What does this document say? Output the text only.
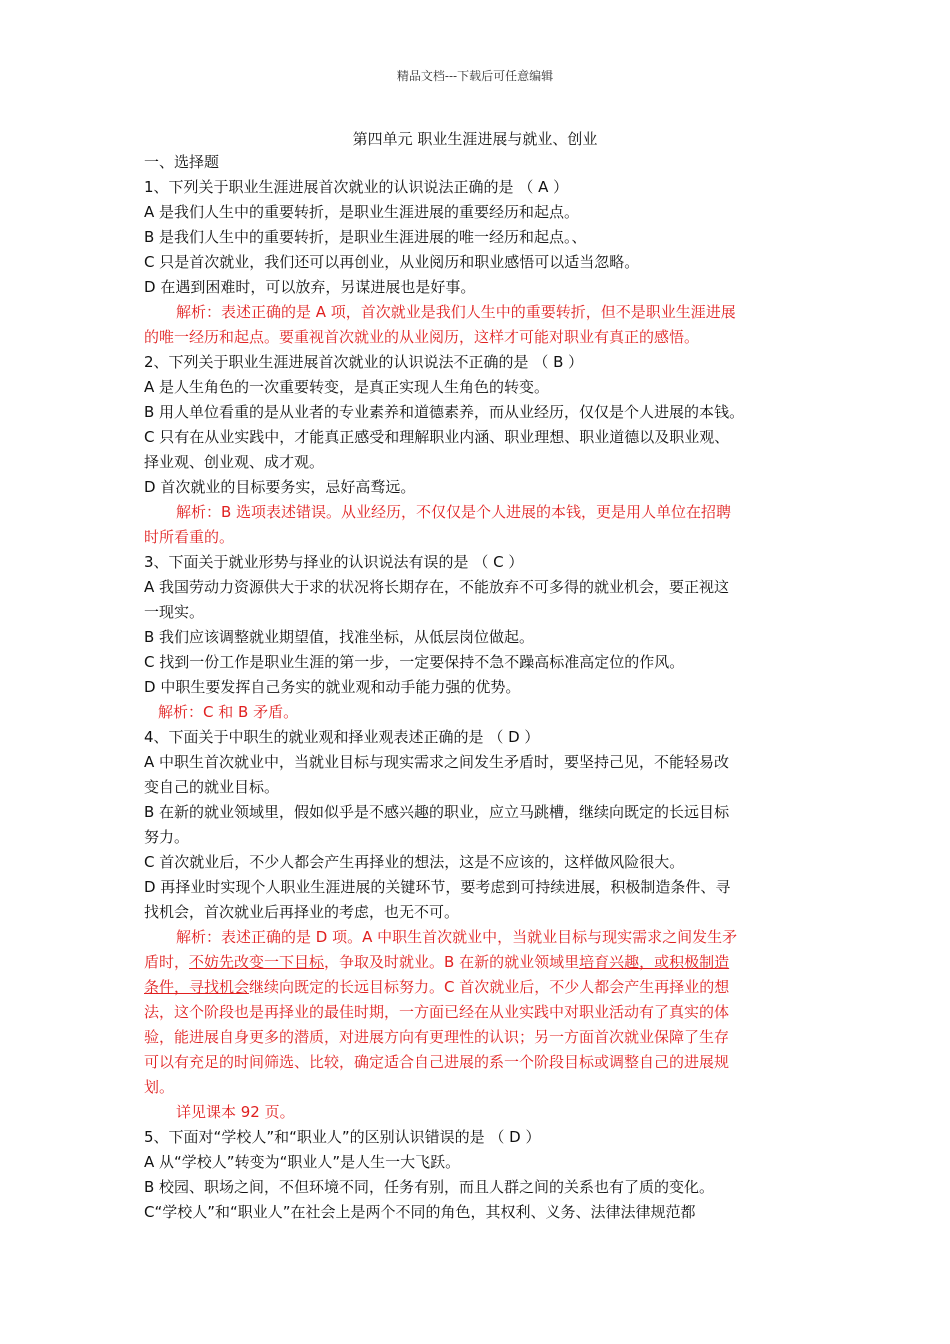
精品文档---下载后可任意编辑
第四单元 职业生涯进展与就业、创业
一、选择题
1、下列关于职业生涯进展首次就业的认识说法正确的是 （ A ）
A 是我们人生中的重要转折，是职业生涯进展的重要经历和起点。
B 是我们人生中的重要转折，是职业生涯进展的唯一经历和起点。、
C 只是首次就业，我们还可以再创业，从业阅历和职业感悟可以适当忽略。
D 在遇到困难时，可以放弃，另谋进展也是好事。
解析：表述正确的是 A 项，首次就业是我们人生中的重要转折，但不是职业生涯进展
的唯一经历和起点。要重视首次就业的从业阅历，这样才可能对职业有真正的感悟。
2、下列关于职业生涯进展首次就业的认识说法不正确的是 （ B ）
A 是人生角色的一次重要转变，是真正实现人生角色的转变。
B 用人单位看重的是从业者的专业素养和道德素养，而从业经历，仅仅是个人进展的本钱。
C 只有在从业实践中，才能真正感受和理解职业内涵、职业理想、职业道德以及职业观、
择业观、创业观、成才观。
D 首次就业的目标要务实，忌好高骛远。
解析：B 选项表述错误。从业经历，不仅仅是个人进展的本钱，更是用人单位在招聘
时所看重的。
3、下面关于就业形势与择业的认识说法有误的是 （ C ）
A 我国劳动力资源供大于求的状况将长期存在，不能放弃不可多得的就业机会，要正视这
一现实。
B 我们应该调整就业期望值，找准坐标，从低层岗位做起。
C 找到一份工作是职业生涯的第一步，一定要保持不急不躁高标准高定位的作风。
D 中职生要发挥自己务实的就业观和动手能力强的优势。
解析：C 和 B 矛盾。
4、下面关于中职生的就业观和择业观表述正确的是 （ D ）
A 中职生首次就业中，当就业目标与现实需求之间发生矛盾时，要坚持己见，不能轻易改
变自己的就业目标。
B 在新的就业领域里，假如似乎是不感兴趣的职业，应立马跳槽，继续向既定的长远目标
努力。
C 首次就业后，不少人都会产生再择业的想法，这是不应该的，这样做风险很大。
D 再择业时实现个人职业生涯进展的关键环节，要考虑到可持续进展，积极制造条件、寻
找机会，首次就业后再择业的考虑，也无不可。
解析：表述正确的是 D 项。A 中职生首次就业中，当就业目标与现实需求之间发生矛
盾时，不妨先改变一下目标，争取及时就业。B 在新的就业领域里培育兴趣，或积极制造
条件，寻找机会继续向既定的长远目标努力。C 首次就业后，不少人都会产生再择业的想
法，这个阶段也是再择业的最佳时期，一方面已经在从业实践中对职业活动有了真实的体
验，能进展自身更多的潜质，对进展方向有更理性的认识；另一方面首次就业保障了生存
可以有充足的时间筛选、比较，确定适合自己进展的系一个阶段目标或调整自己的进展规
划。
详见课本 92 页。
5、下面对“学校人”和“职业人”的区别认识错误的是 （ D ）
A 从“学校人”转变为“职业人”是人生一大飞跃。
B 校园、职场之间，不但环境不同，任务有别，而且人群之间的关系也有了质的变化。
C“学校人”和“职业人”在社会上是两个不同的角色，其权利、义务、法律法律规范都
